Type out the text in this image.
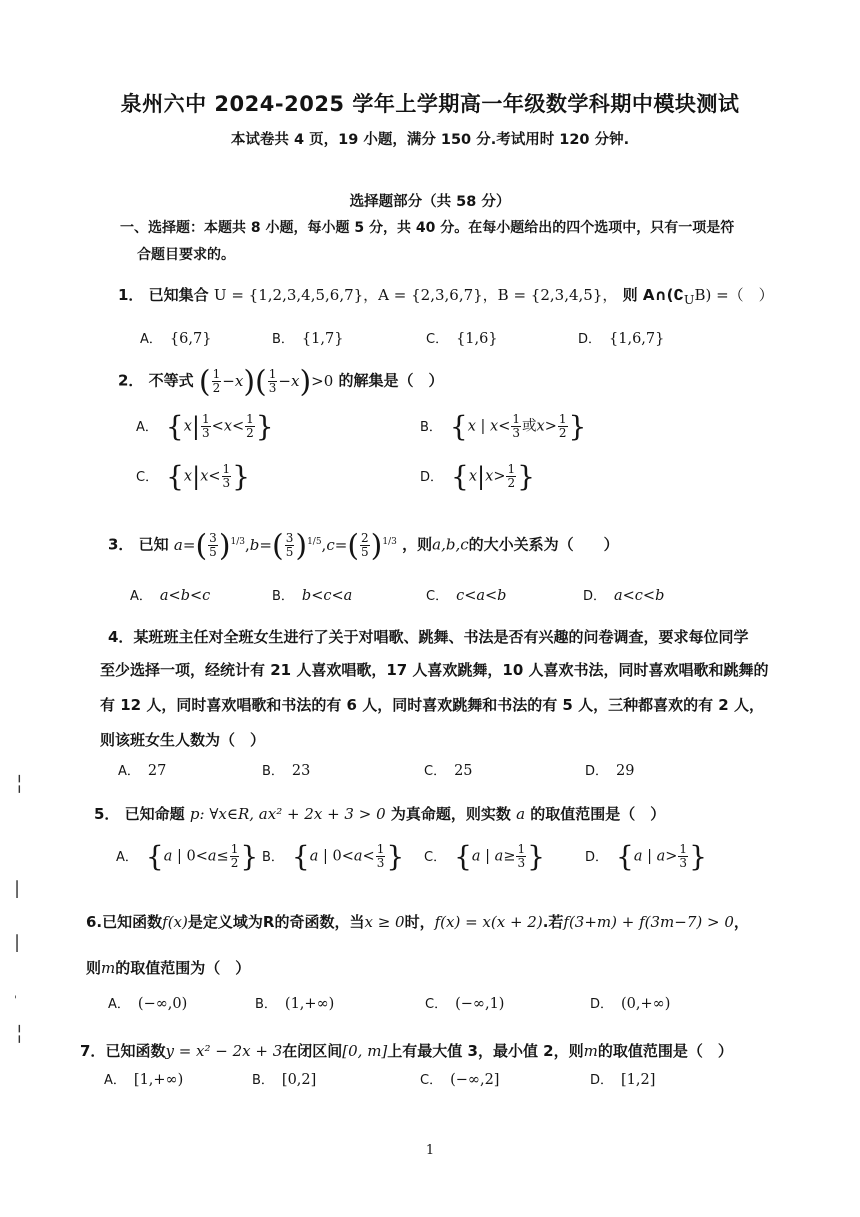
泉州六中 2024-2025 学年上学期高一年级数学科期中模块测试
本试卷共 4 页，19 小题，满分 150 分.考试用时 120 分钟.
选择题部分（共 58 分）
一、选择题：本题共 8 小题，每小题 5 分，共 40 分。在每小题给出的四个选项中，只有一项是符
合题目要求的。
1． 已知集合 U = {1,2,3,4,5,6,7}，A = {2,3,6,7}，B = {2,3,4,5}， 则 $A\cap(∁_UB)$ =（　）
A． {6,7}	B． {1,7}	C． {1,6}	D． {1,6,7}
2． 不等式 ( $\frac{1}{2} -x)( \frac{1}{3} -x)>0$ 的解集是（　）
A． {$x| \frac{1}{3} <x< \frac{1}{2}$ }	B． {x | $x< \frac{1}{3}$ 或$x> \frac{1}{2}$ }
C． {$x|x< \frac{1}{3}$ }	D． {$x|x> \frac{1}{2}$ }
3． 已知 $a=( \frac{3}{5} )^{1/3},b=( \frac{3}{5} )^{1/5},c=( \frac{2}{5} )^{1/3}$ ，则a,b,c的大小关系为（　　）
A． a<b<c	B． b<c<a	C． c<a<b	D． a<c<b
4．某班班主任对全班女生进行了关于对唱歌、跳舞、书法是否有兴趣的问卷调查，要求每位同学
至少选择一项，经统计有 21 人喜欢唱歌，17 人喜欢跳舞，10 人喜欢书法，同时喜欢唱歌和跳舞的
有 12 人，同时喜欢唱歌和书法的有 6 人，同时喜欢跳舞和书法的有 5 人，三种都喜欢的有 2 人，
则该班女生人数为（　）
A． 27	B． 23	C． 25	D． 29
5． 已知命题 p: ∀x∈R, ax² + 2x + 3 > 0 为真命题，则实数 a 的取值范围是（　）
A． {a | $0<a\le \frac{1}{2}$ } B． {a | $0<a< \frac{1}{3}$ } C． {a | $a\ge \frac{1}{3}$ }	D． {a | $a> \frac{1}{3}$ }
6.已知函数f(x)是定义域为R的奇函数，当x ≥ 0时，f(x) = x(x + 2).若f(3+m) + f(3m−7) > 0，
则m的取值范围为（　）
A． (−∞,0)	B． (1,+∞)	C． (−∞,1)	D． (0,+∞)
7．已知函数y = x² − 2x + 3在闭区间[0, m]上有最大值 3，最小值 2，则m的取值范围是（　）
A． [1,+∞)	B． [0,2]	C． (−∞,2]	D． [1,2]
╎
|
|
'
╎
1
